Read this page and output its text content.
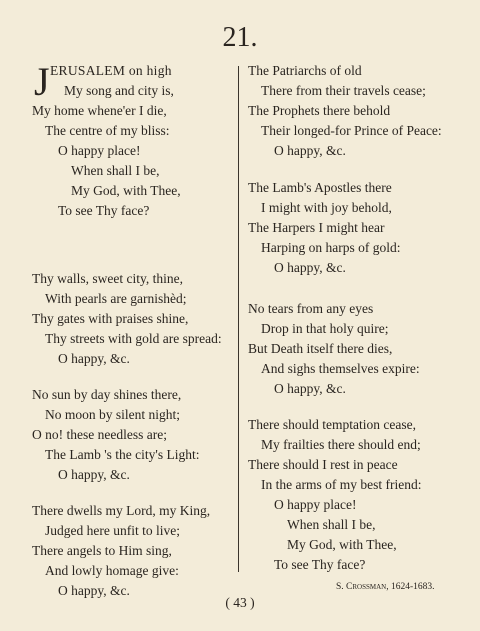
21.
J ERUSALEM on high
My song and city is,
My home whene'er I die,
The centre of my bliss:
O happy place!
When shall I be,
My God, with Thee,
To see Thy face?
Thy walls, sweet city, thine,
With pearls are garnishèd;
Thy gates with praises shine,
Thy streets with gold are spread:
O happy, &c.
No sun by day shines there,
No moon by silent night;
O no! these needless are;
The Lamb 's the city's Light:
O happy, &c.
There dwells my Lord, my King,
Judged here unfit to live;
There angels to Him sing,
And lowly homage give:
O happy, &c.
The Patriarchs of old
There from their travels cease;
The Prophets there behold
Their longed-for Prince of Peace:
O happy, &c.
The Lamb's Apostles there
I might with joy behold,
The Harpers I might hear
Harping on harps of gold:
O happy, &c.
No tears from any eyes
Drop in that holy quire;
But Death itself there dies,
And sighs themselves expire:
O happy, &c.
There should temptation cease,
My frailties there should end;
There should I rest in peace
In the arms of my best friend:
O happy place!
When shall I be,
My God, with Thee,
To see Thy face?
S. Crossman, 1624-1683.
( 43 )
